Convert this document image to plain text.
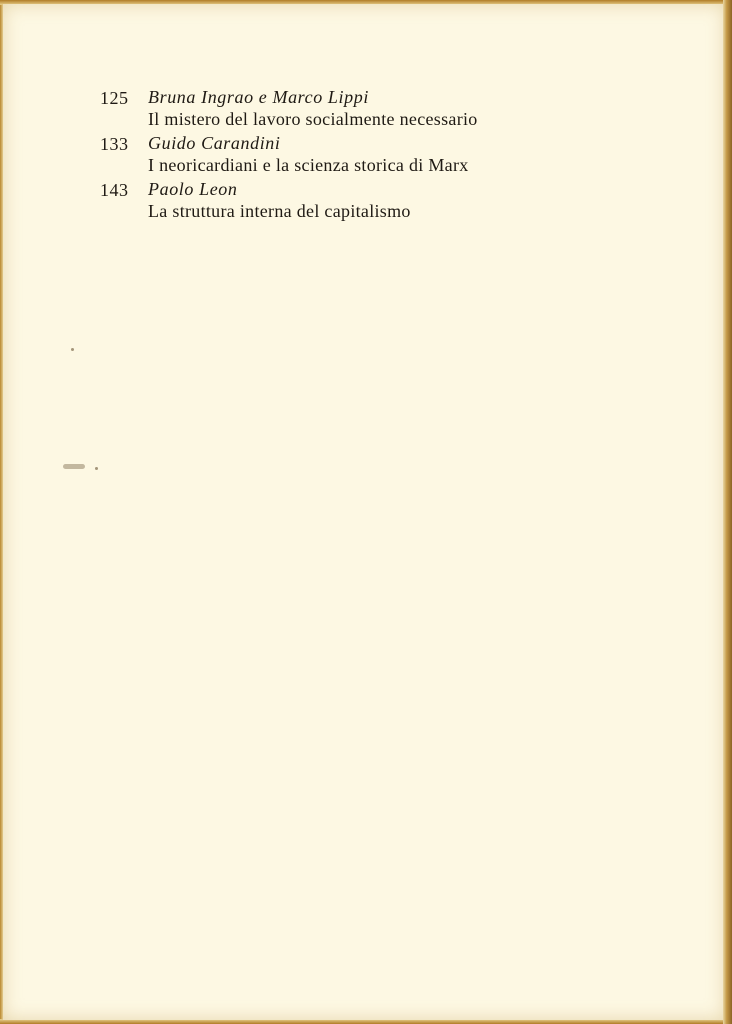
125	Bruna Ingrao e Marco Lippi
Il mistero del lavoro socialmente necessario
133	Guido Carandini
I neoricardiani e la scienza storica di Marx
143	Paolo Leon
La struttura interna del capitalismo
